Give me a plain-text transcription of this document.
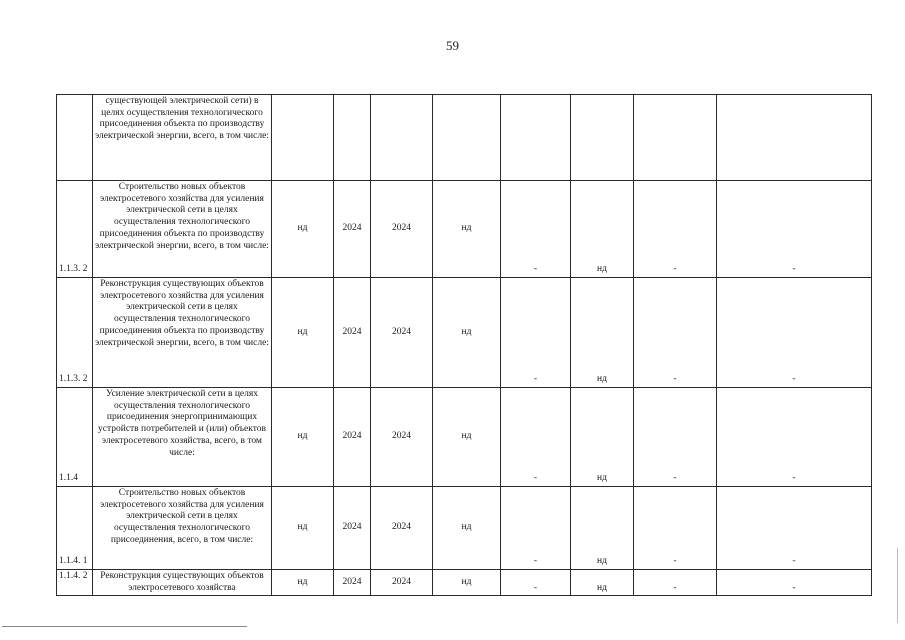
59
	существующей электрической сети) в целях осуществления технологического присоединения объекта по производству электрической энергии, всего, в том числе:								
1.1.3. 2	Строительство новых объектов электросетевого хозяйства для усиления электрической сети в целях осуществления технологического присоединения объекта по производству электрической энергии, всего, в том числе:	нд	2024	2024	нд	-	нд	-	-
1.1.3. 2	Реконструкция существующих объектов электросетевого хозяйства для усиления электрической сети в целях осуществления технологического присоединения объекта по производству электрической энергии, всего, в том числе:	нд	2024	2024	нд	-	нд	-	-
1.1.4	Усиление электрической сети в целях осуществления технологического присоединения энергопринимающих устройств потребителей и (или) объектов электросетевого хозяйства, всего, в том числе:	нд	2024	2024	нд	-	нд	-	-
1.1.4. 1	Строительство новых объектов электросетевого хозяйства для усиления электрической сети в целях осуществления технологического присоединения, всего, в том числе:	нд	2024	2024	нд	-	нд	-	-
1.1.4. 2	Реконструкция существующих объектов электросетевого хозяйства	нд	2024	2024	нд	-	нд	-	-
